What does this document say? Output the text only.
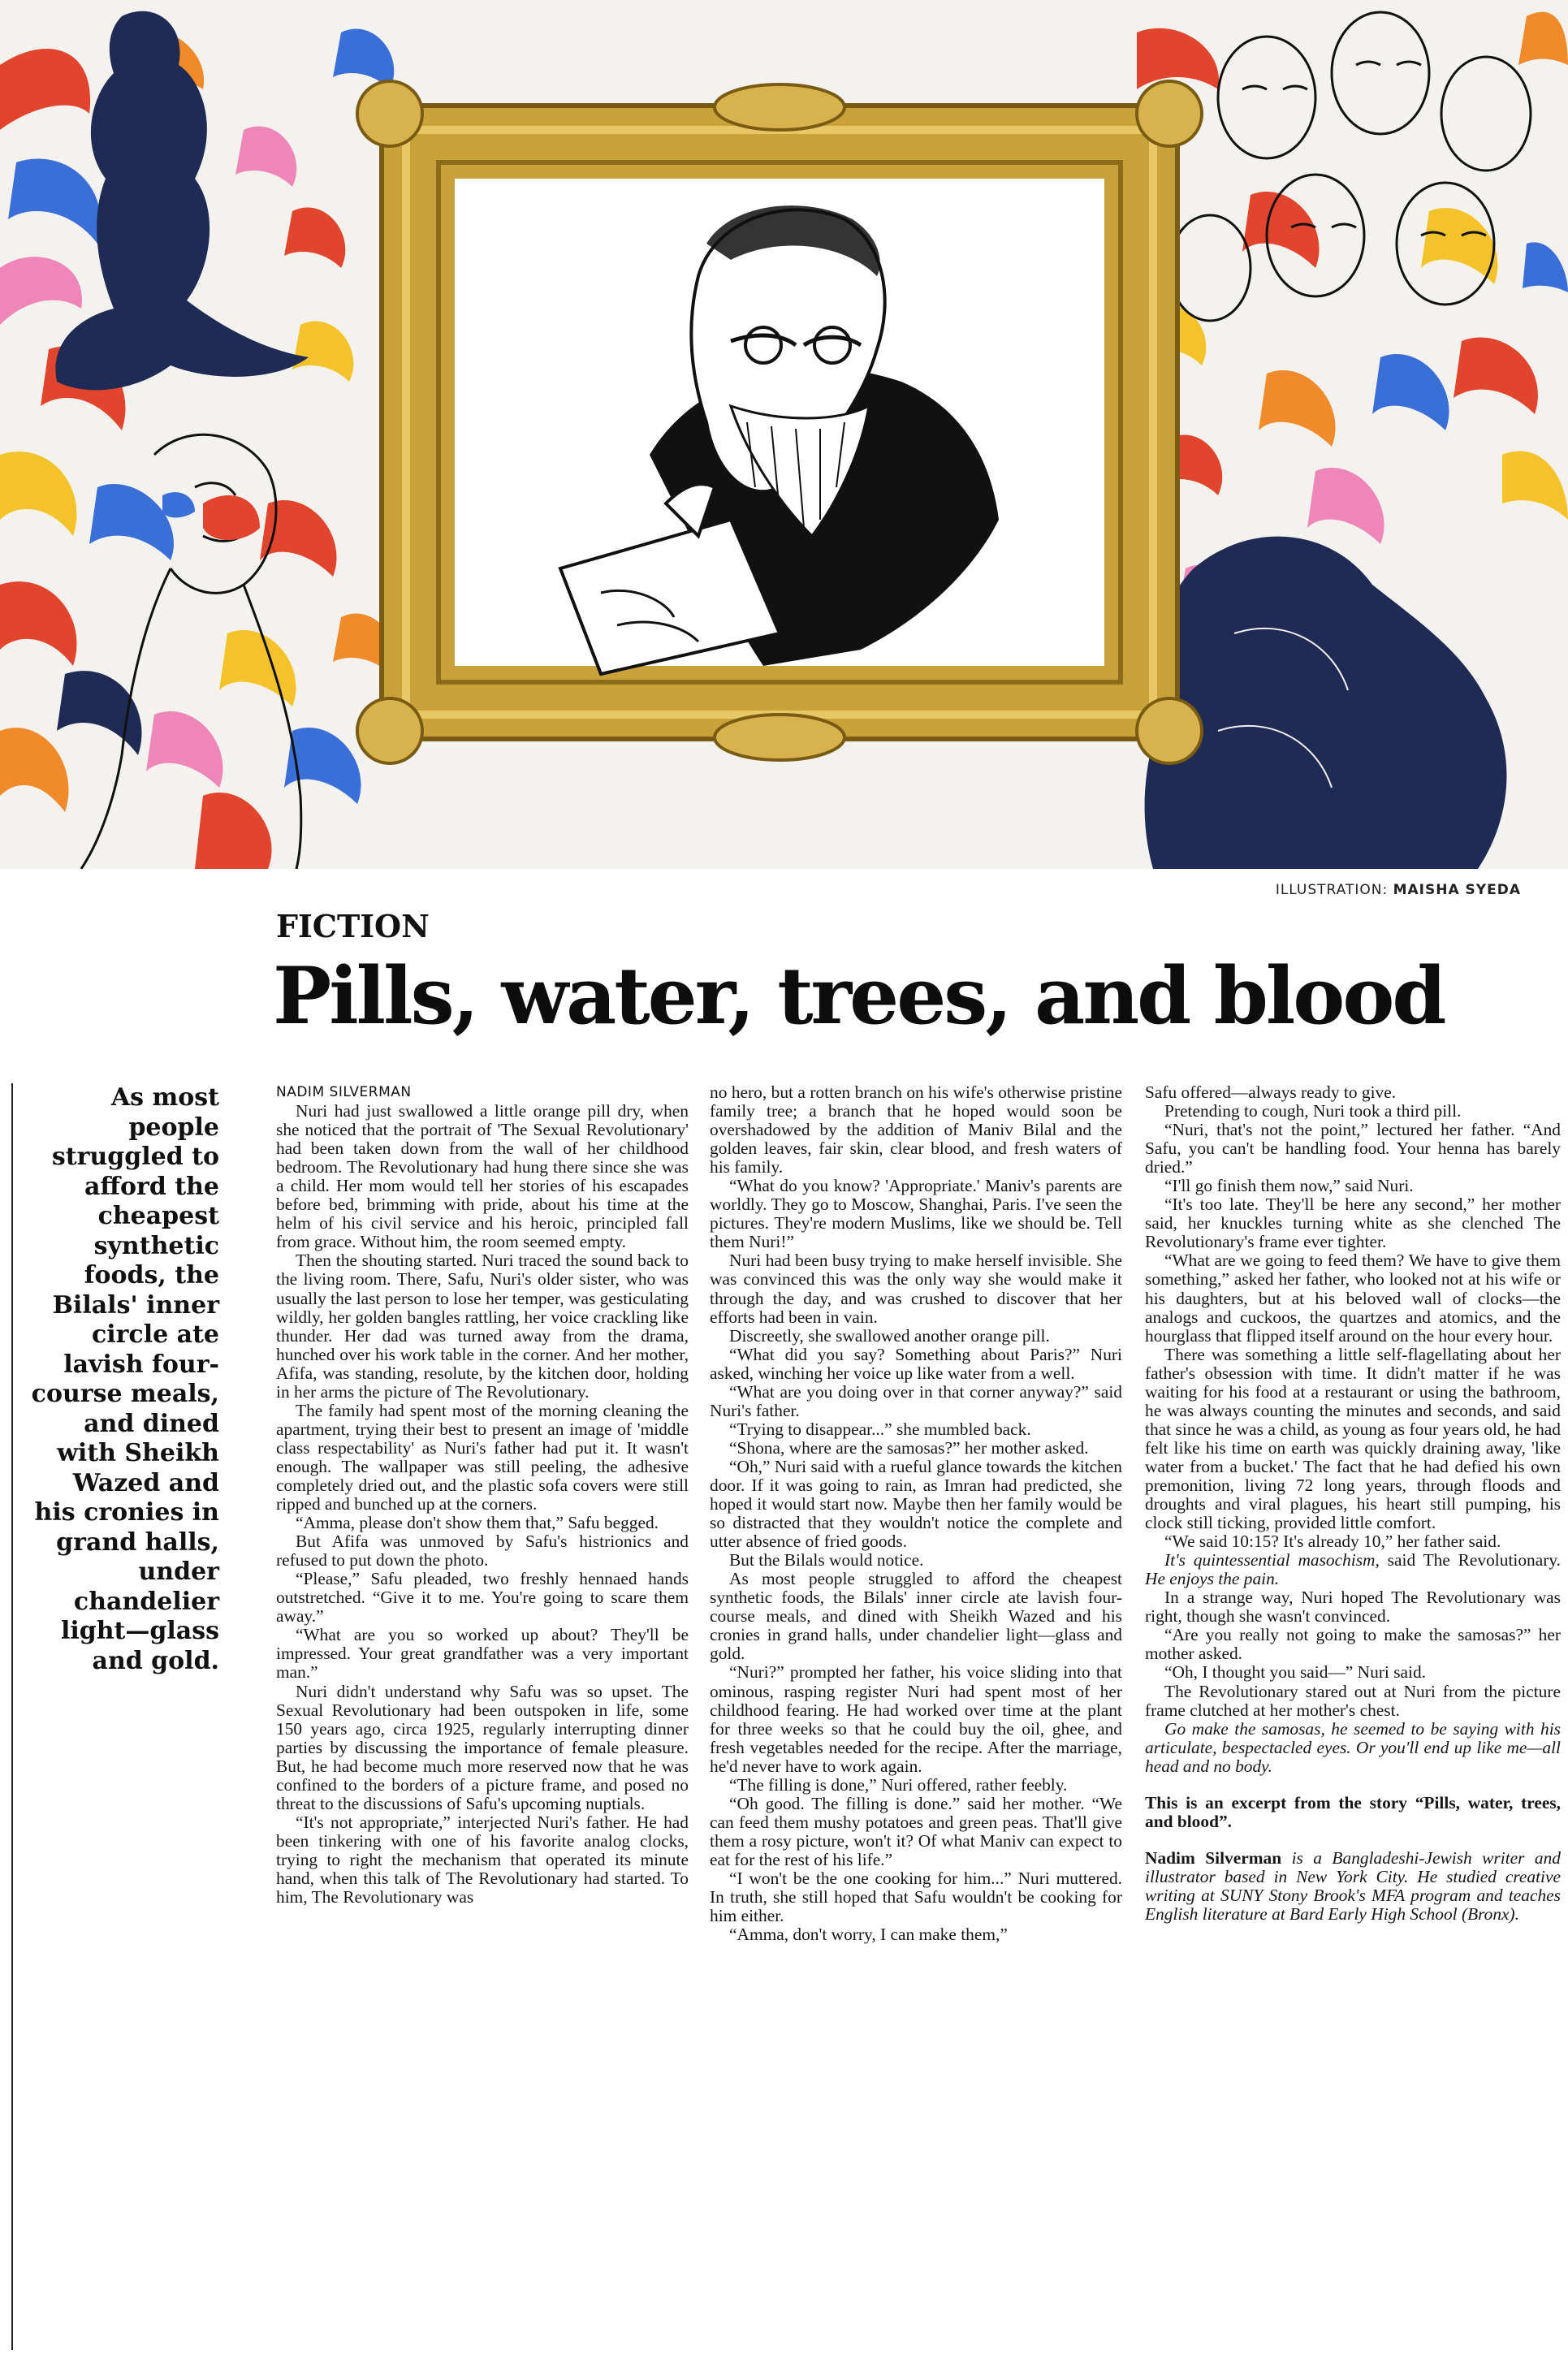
ILLUSTRATION: MAISHA SYEDA
FICTION
Pills, water, trees, and blood
As most people struggled to afford the cheapest synthetic foods, the Bilals' inner circle ate lavish four-course meals, and dined with Sheikh Wazed and his cronies in grand halls, under chandelier light—glass and gold.

NADIM SILVERMAN

Nuri had just swallowed a little orange pill dry, when she noticed that the portrait of 'The Sexual Revolutionary' had been taken down from the wall of her childhood bedroom. The Revolutionary had hung there since she was a child. Her mom would tell her stories of his escapades before bed, brimming with pride, about his time at the helm of his civil service and his heroic, principled fall from grace. Without him, the room seemed empty.

Then the shouting started. Nuri traced the sound back to the living room. There, Safu, Nuri's older sister, who was usually the last person to lose her temper, was gesticulating wildly, her golden bangles rattling, her voice crackling like thunder. Her dad was turned away from the drama, hunched over his work table in the corner. And her mother, Afifa, was standing, resolute, by the kitchen door, holding in her arms the picture of The Revolutionary.

The family had spent most of the morning cleaning the apartment, trying their best to present an image of 'middle class respectability' as Nuri's father had put it. It wasn't enough. The wallpaper was still peeling, the adhesive completely dried out, and the plastic sofa covers were still ripped and bunched up at the corners.

“Amma, please don't show them that,” Safu begged.

But Afifa was unmoved by Safu's histrionics and refused to put down the photo.

“Please,” Safu pleaded, two freshly hennaed hands outstretched. “Give it to me. You're going to scare them away.”

“What are you so worked up about? They'll be impressed. Your great grandfather was a very important man.”

Nuri didn't understand why Safu was so upset. The Sexual Revolutionary had been outspoken in life, some 150 years ago, circa 1925, regularly interrupting dinner parties by discussing the importance of female pleasure. But, he had become much more reserved now that he was confined to the borders of a picture frame, and posed no threat to the discussions of Safu's upcoming nuptials.

“It's not appropriate,” interjected Nuri's father. He had been tinkering with one of his favorite analog clocks, trying to right the mechanism that operated its minute hand, when this talk of The Revolutionary had started. To him, The Revolutionary was

no hero, but a rotten branch on his wife's otherwise pristine family tree; a branch that he hoped would soon be overshadowed by the addition of Maniv Bilal and the golden leaves, fair skin, clear blood, and fresh waters of his family.

“What do you know? 'Appropriate.' Maniv's parents are worldly. They go to Moscow, Shanghai, Paris. I've seen the pictures. They're modern Muslims, like we should be. Tell them Nuri!”

Nuri had been busy trying to make herself invisible. She was convinced this was the only way she would make it through the day, and was crushed to discover that her efforts had been in vain.

Discreetly, she swallowed another orange pill.

“What did you say? Something about Paris?” Nuri asked, winching her voice up like water from a well.

“What are you doing over in that corner anyway?” said Nuri's father.

“Trying to disappear...” she mumbled back.

“Shona, where are the samosas?” her mother asked.

“Oh,” Nuri said with a rueful glance towards the kitchen door. If it was going to rain, as Imran had predicted, she hoped it would start now. Maybe then her family would be so distracted that they wouldn't notice the complete and utter absence of fried goods.

But the Bilals would notice.

As most people struggled to afford the cheapest synthetic foods, the Bilals' inner circle ate lavish four-course meals, and dined with Sheikh Wazed and his cronies in grand halls, under chandelier light—glass and gold.

“Nuri?” prompted her father, his voice sliding into that ominous, rasping register Nuri had spent most of her childhood fearing. He had worked over time at the plant for three weeks so that he could buy the oil, ghee, and fresh vegetables needed for the recipe. After the marriage, he'd never have to work again.

“The filling is done,” Nuri offered, rather feebly.

“Oh good. The filling is done.” said her mother. “We can feed them mushy potatoes and green peas. That'll give them a rosy picture, won't it? Of what Maniv can expect to eat for the rest of his life.”

“I won't be the one cooking for him...” Nuri muttered. In truth, she still hoped that Safu wouldn't be cooking for him either.

“Amma, don't worry, I can make them,”

Safu offered—always ready to give.

Pretending to cough, Nuri took a third pill.

“Nuri, that's not the point,” lectured her father. “And Safu, you can't be handling food. Your henna has barely dried.”

“I'll go finish them now,” said Nuri.

“It's too late. They'll be here any second,” her mother said, her knuckles turning white as she clenched The Revolutionary's frame ever tighter.

“What are we going to feed them? We have to give them something,” asked her father, who looked not at his wife or his daughters, but at his beloved wall of clocks—the analogs and cuckoos, the quartzes and atomics, and the hourglass that flipped itself around on the hour every hour.

There was something a little self-flagellating about her father's obsession with time. It didn't matter if he was waiting for his food at a restaurant or using the bathroom, he was always counting the minutes and seconds, and said that since he was a child, as young as four years old, he had felt like his time on earth was quickly draining away, 'like water from a bucket.' The fact that he had defied his own premonition, living 72 long years, through floods and droughts and viral plagues, his heart still pumping, his clock still ticking, provided little comfort.

“We said 10:15? It's already 10,” her father said.

It's quintessential masochism, said The Revolutionary. He enjoys the pain.

In a strange way, Nuri hoped The Revolutionary was right, though she wasn't convinced.

“Are you really not going to make the samosas?” her mother asked.

“Oh, I thought you said—” Nuri said.

The Revolutionary stared out at Nuri from the picture frame clutched at her mother's chest.

Go make the samosas, he seemed to be saying with his articulate, bespectacled eyes. Or you'll end up like me—all head and no body.

This is an excerpt from the story “Pills, water, trees, and blood”.

Nadim Silverman is a Bangladeshi-Jewish writer and illustrator based in New York City. He studied creative writing at SUNY Stony Brook's MFA program and teaches English literature at Bard Early High School (Bronx).
